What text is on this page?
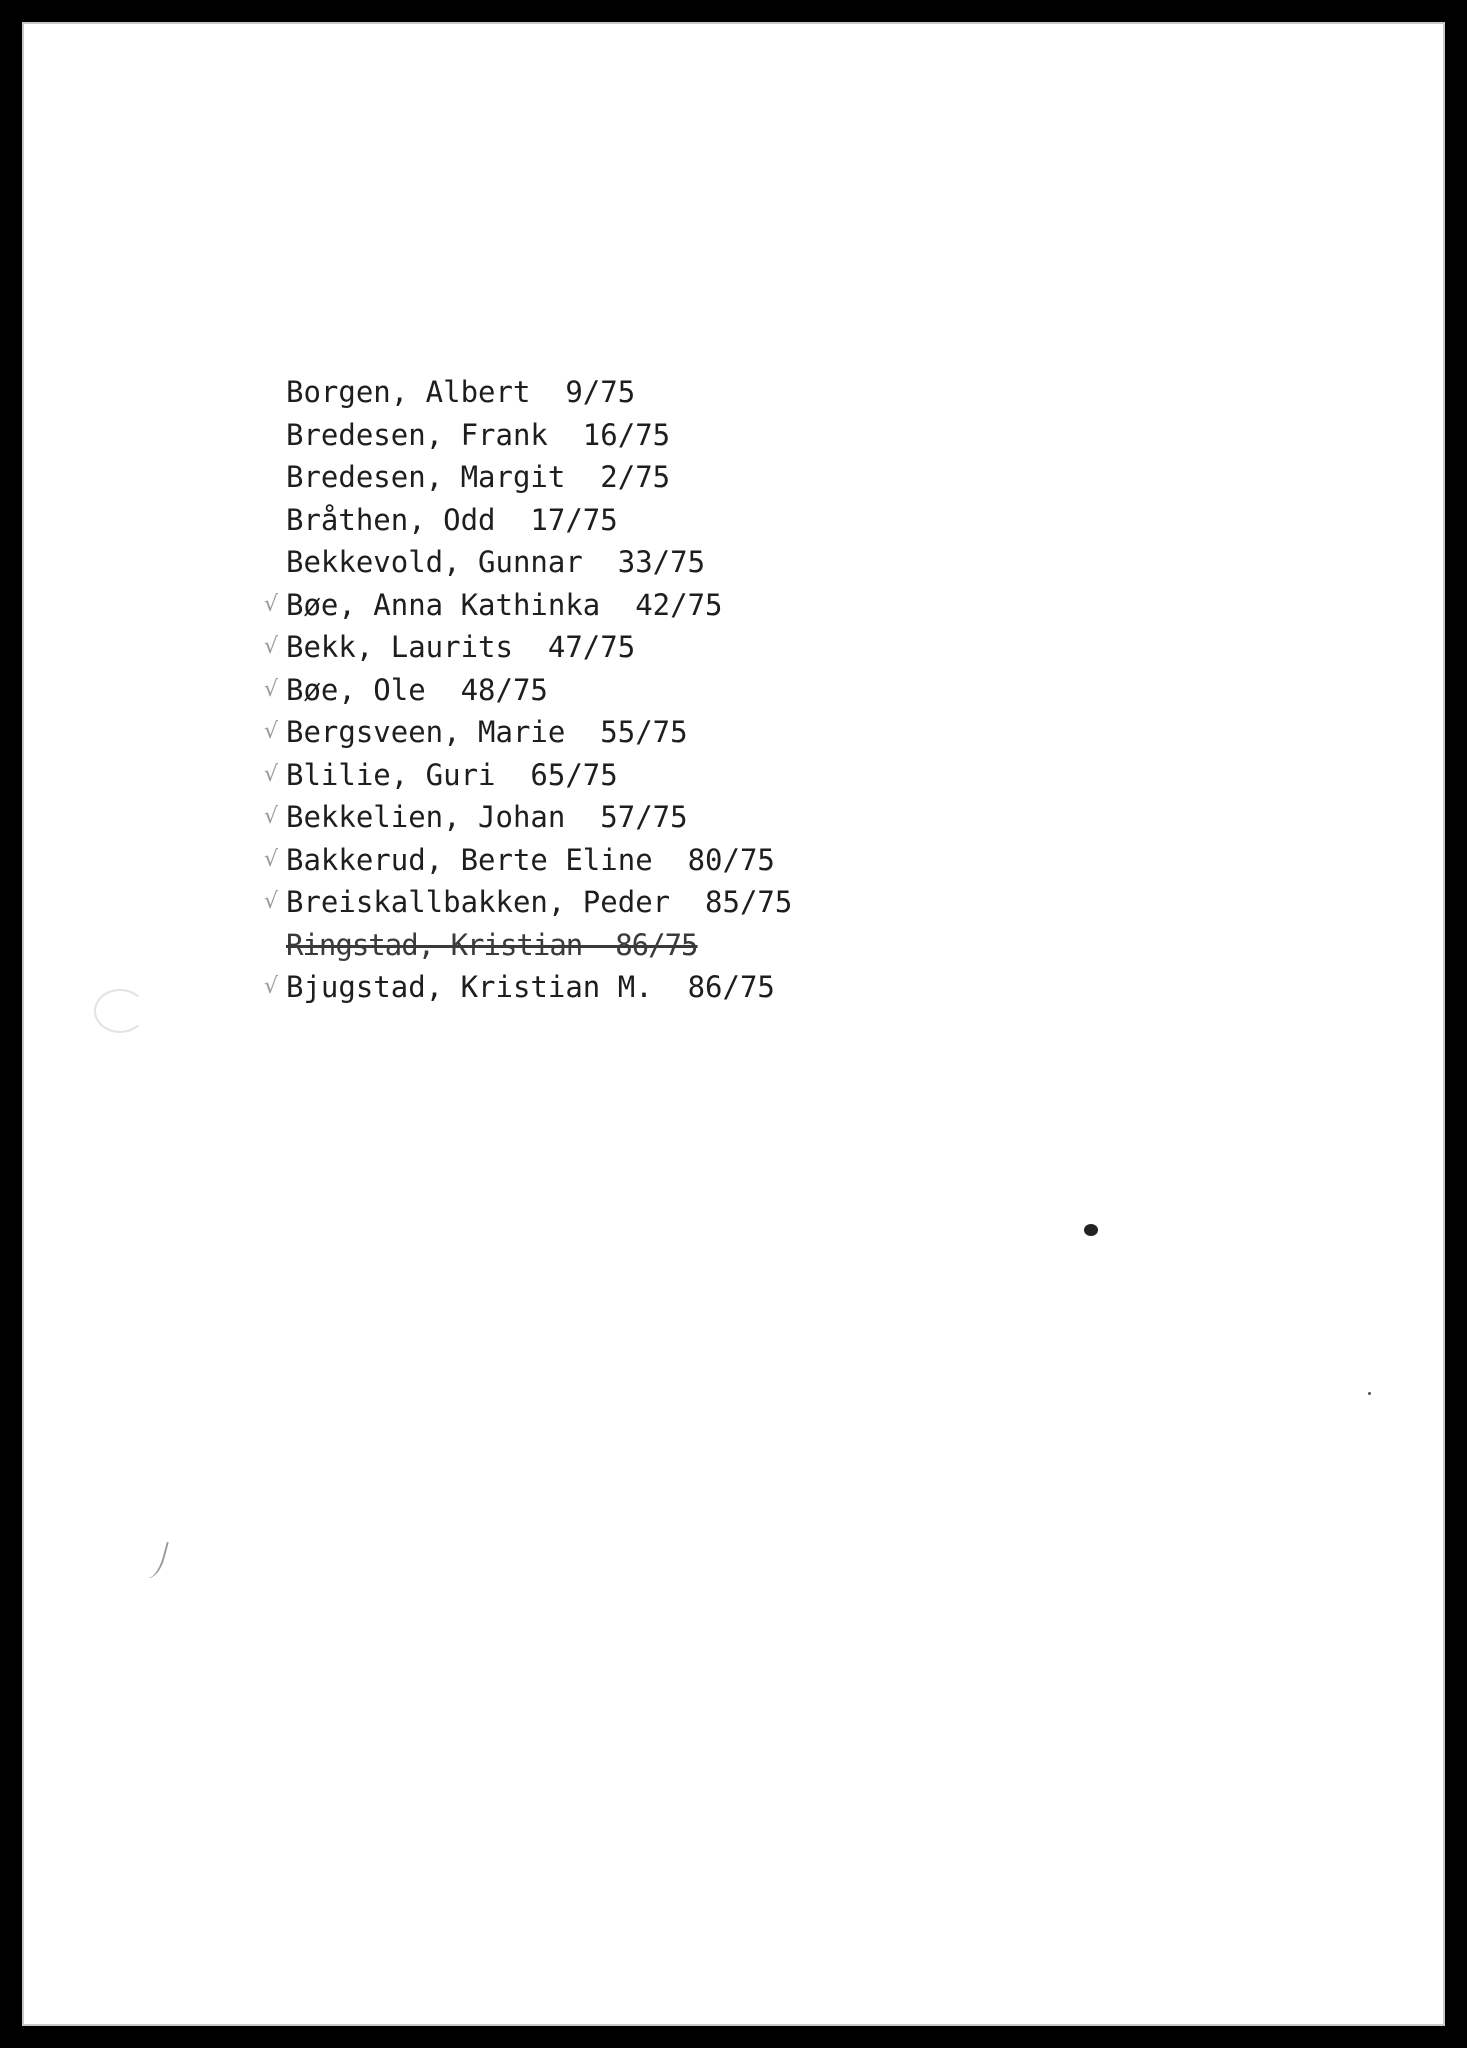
Borgen, Albert  9/75
Bredesen, Frank  16/75
Bredesen, Margit  2/75
Bråthen, Odd  17/75
Bekkevold, Gunnar  33/75
√ Bøe, Anna Kathinka  42/75
√ Bekk, Laurits  47/75
√ Bøe, Ole  48/75
√ Bergsveen, Marie  55/75
√ Blilie, Guri  65/75
√ Bekkelien, Johan  57/75
√ Bakkerud, Berte Eline  80/75
√ Breiskallbakken, Peder  85/75
Ringstad, Kristian  86/75
√ Bjugstad, Kristian M.  86/75
